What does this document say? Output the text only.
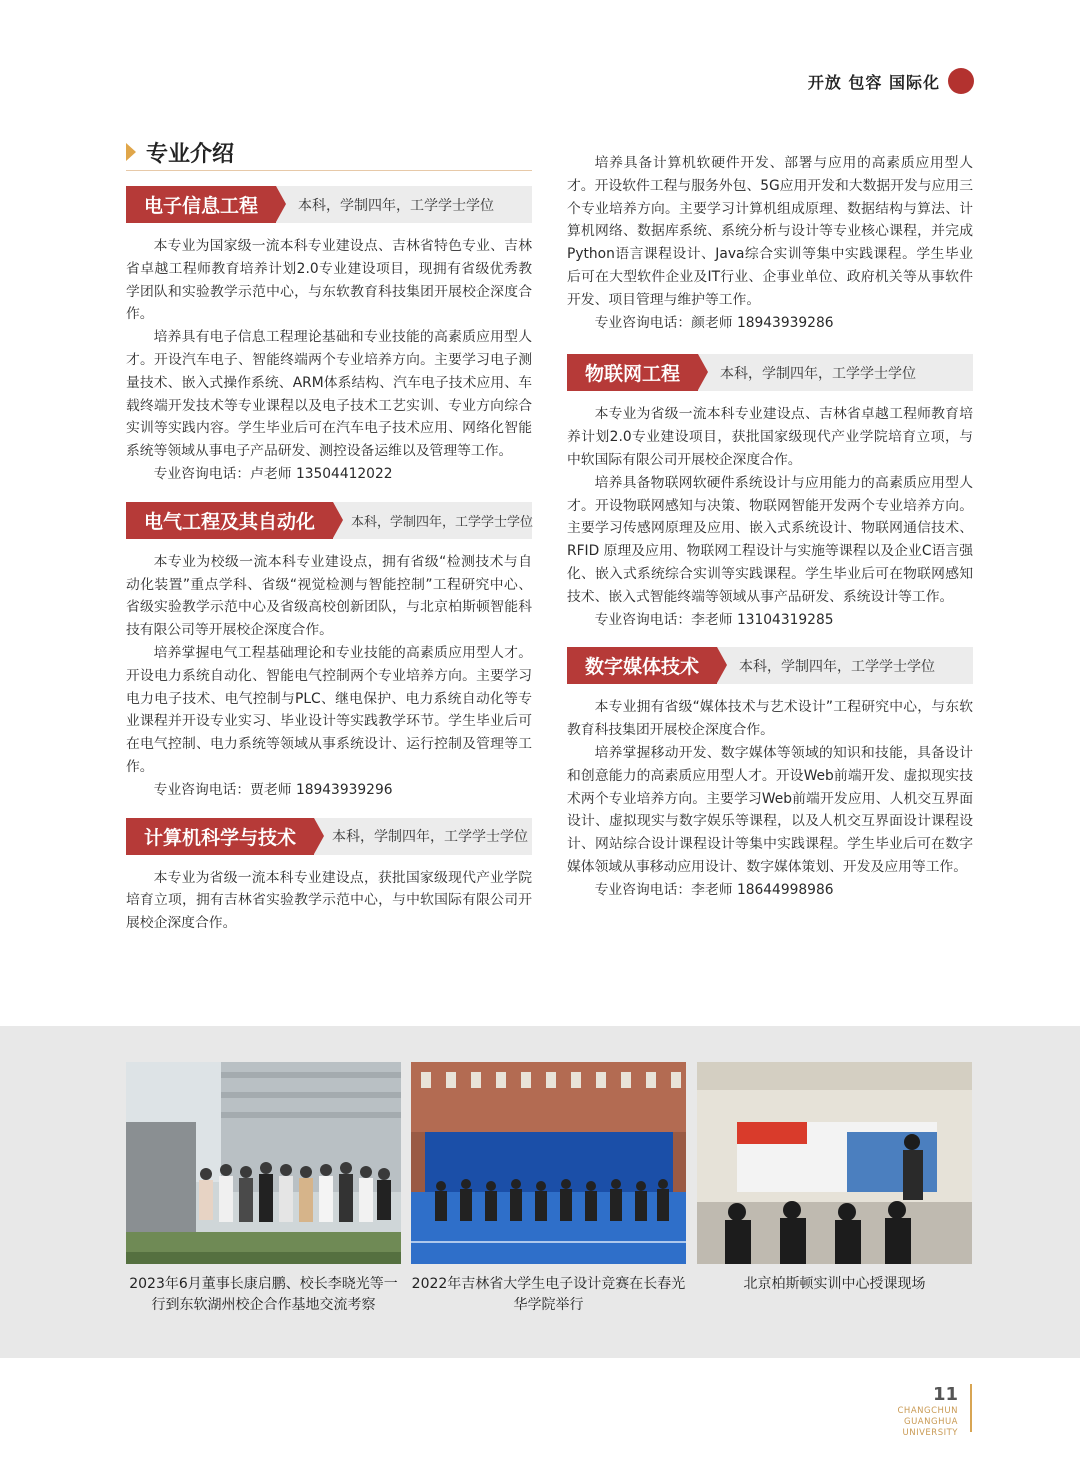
开放 包容 国际化
专业介绍
电子信息工程	本科，学制四年，工学学士学位

本专业为国家级一流本科专业建设点、吉林省特色专业、吉林省卓越工程师教育培养计划2.0专业建设项目，现拥有省级优秀教学团队和实验教学示范中心，与东软教育科技集团开展校企深度合作。

培养具有电子信息工程理论基础和专业技能的高素质应用型人才。开设汽车电子、智能终端两个专业培养方向。主要学习电子测量技术、嵌入式操作系统、ARM体系结构、汽车电子技术应用、车载终端开发技术等专业课程以及电子技术工艺实训、专业方向综合实训等实践内容。学生毕业后可在汽车电子技术应用、网络化智能系统等领域从事电子产品研发、测控设备运维以及管理等工作。

专业咨询电话：卢老师 13504412022

电气工程及其自动化	本科，学制四年，工学学士学位

本专业为校级一流本科专业建设点，拥有省级“检测技术与自动化装置”重点学科、省级“视觉检测与智能控制”工程研究中心、省级实验教学示范中心及省级高校创新团队，与北京柏斯顿智能科技有限公司等开展校企深度合作。

培养掌握电气工程基础理论和专业技能的高素质应用型人才。开设电力系统自动化、智能电气控制两个专业培养方向。主要学习电力电子技术、电气控制与PLC、继电保护、电力系统自动化等专业课程并开设专业实习、毕业设计等实践教学环节。学生毕业后可在电气控制、电力系统等领域从事系统设计、运行控制及管理等工作。

专业咨询电话：贾老师 18943939296

计算机科学与技术	本科，学制四年，工学学士学位

本专业为省级一流本科专业建设点，获批国家级现代产业学院培育立项，拥有吉林省实验教学示范中心，与中软国际有限公司开展校企深度合作。

培养具备计算机软硬件开发、部署与应用的高素质应用型人才。开设软件工程与服务外包、5G应用开发和大数据开发与应用三个专业培养方向。主要学习计算机组成原理、数据结构与算法、计算机网络、数据库系统、系统分析与设计等专业核心课程，并完成Python语言课程设计、Java综合实训等集中实践课程。学生毕业后可在大型软件企业及IT行业、企事业单位、政府机关等从事软件开发、项目管理与维护等工作。

专业咨询电话：颜老师 18943939286

物联网工程	本科，学制四年，工学学士学位

本专业为省级一流本科专业建设点、吉林省卓越工程师教育培养计划2.0专业建设项目，获批国家级现代产业学院培育立项，与中软国际有限公司开展校企深度合作。

培养具备物联网软硬件系统设计与应用能力的高素质应用型人才。开设物联网感知与决策、物联网智能开发两个专业培养方向。主要学习传感网原理及应用、嵌入式系统设计、物联网通信技术、RFID 原理及应用、物联网工程设计与实施等课程以及企业C语言强化、嵌入式系统综合实训等实践课程。学生毕业后可在物联网感知技术、嵌入式智能终端等领域从事产品研发、系统设计等工作。

专业咨询电话：李老师 13104319285

数字媒体技术	本科，学制四年，工学学士学位

本专业拥有省级“媒体技术与艺术设计”工程研究中心，与东软教育科技集团开展校企深度合作。

培养掌握移动开发、数字媒体等领域的知识和技能，具备设计和创意能力的高素质应用型人才。开设Web前端开发、虚拟现实技术两个专业培养方向。主要学习Web前端开发应用、人机交互界面设计、虚拟现实与数字娱乐等课程，以及人机交互界面设计课程设计、网站综合设计课程设计等集中实践课程。学生毕业后可在数字媒体领域从事移动应用设计、数字媒体策划、开发及应用等工作。

专业咨询电话：李老师 18644998986

2023年6月董事长康启鹏、校长李晓光等一行到东软湖州校企合作基地交流考察
2022年吉林省大学生电子设计竞赛在长春光华学院举行
北京柏斯顿实训中心授课现场
11
CHANGCHUN
GUANGHUA UNIVERSITY
